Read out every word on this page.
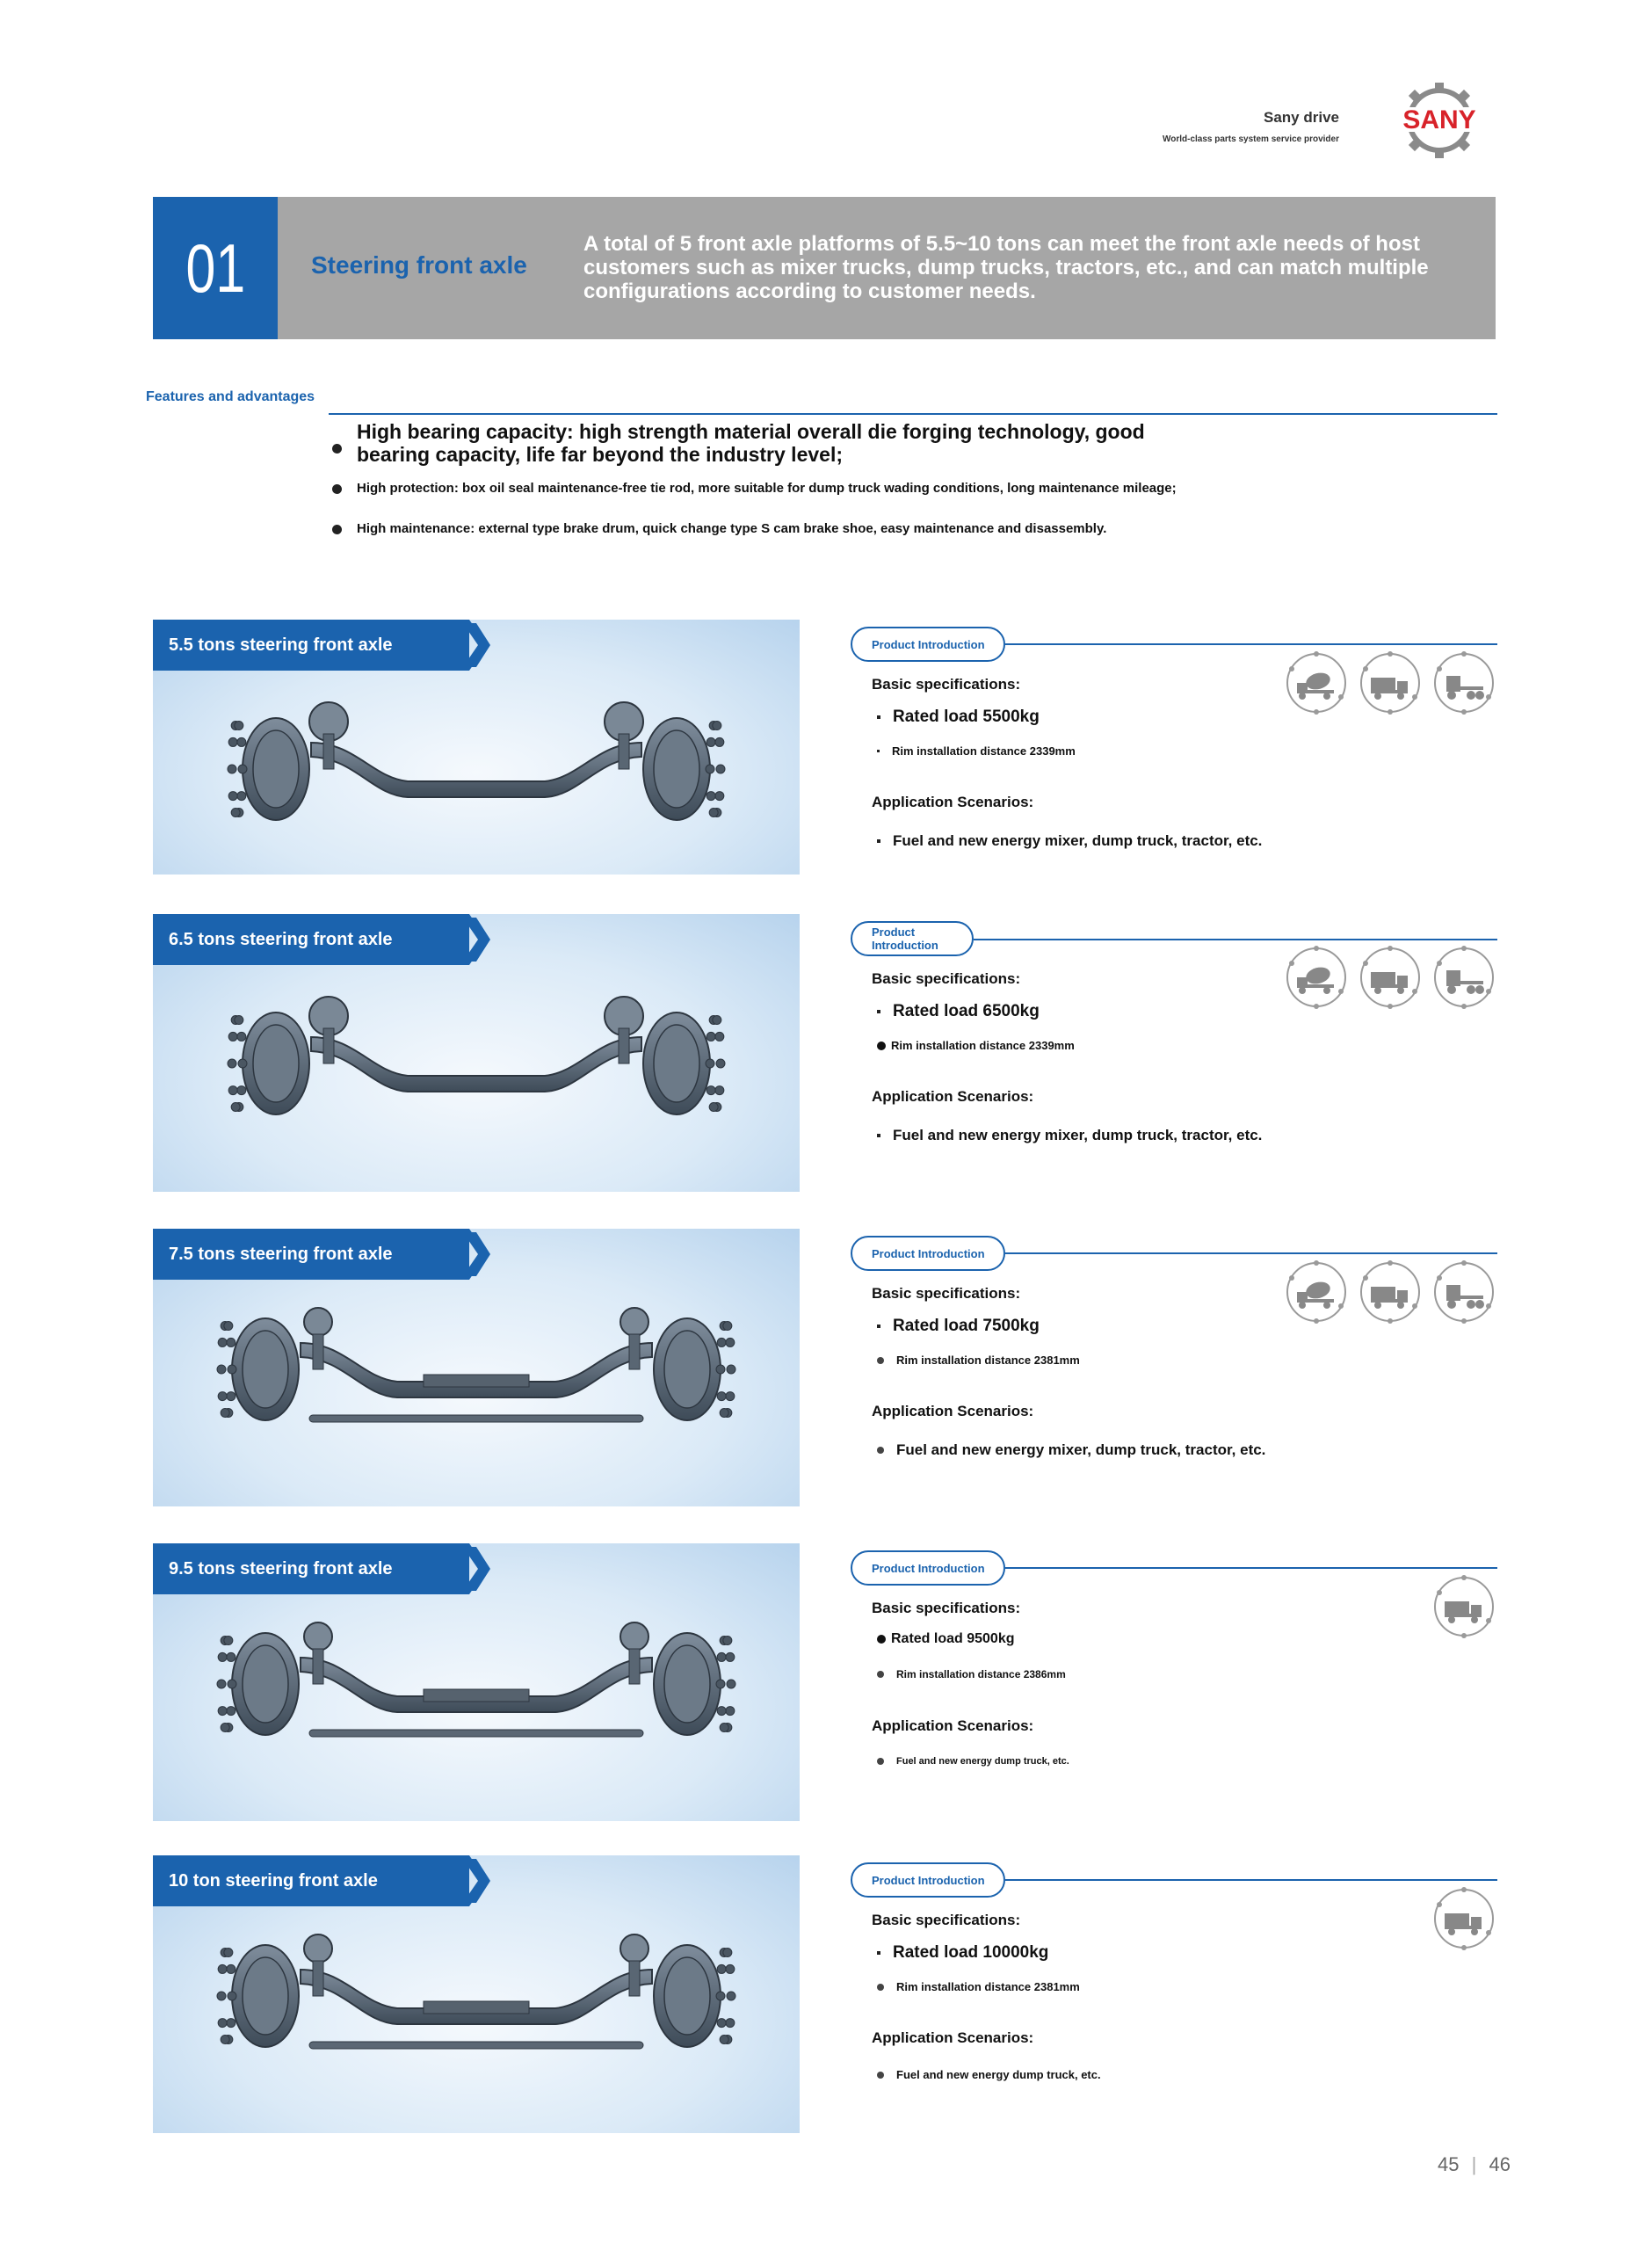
Sany drive
World-class parts system service provider
SANY
01	Steering front axle
A total of 5 front axle platforms of 5.5~10 tons can meet the front axle needs of host customers such as mixer trucks, dump trucks, tractors, etc., and can match multiple configurations according to customer needs.
Features and advantages
High bearing capacity: high strength material overall die forging technology, good bearing capacity, life far beyond the industry level;
High protection: box oil seal maintenance-free tie rod, more suitable for dump truck wading conditions, long maintenance mileage;
High maintenance: external type brake drum, quick change type S cam brake shoe, easy maintenance and disassembly.
5.5 tons steering front axle	Product Introduction
Basic specifications:
Rated load 5500kg
Rim installation distance 2339mm
Application Scenarios:
Fuel and new energy mixer, dump truck, tractor, etc.
6.5 tons steering front axle	Product Introduction
Basic specifications:
Rated load 6500kg
Rim installation distance 2339mm
Application Scenarios:
Fuel and new energy mixer, dump truck, tractor, etc.
7.5 tons steering front axle	Product Introduction
Basic specifications:
Rated load 7500kg
Rim installation distance 2381mm
Application Scenarios:
Fuel and new energy mixer, dump truck, tractor, etc.
9.5 tons steering front axle	Product Introduction
Basic specifications:
Rated load 9500kg
Rim installation distance 2386mm
Application Scenarios:
Fuel and new energy dump truck, etc.
10 ton steering front axle	Product Introduction
Basic specifications:
Rated load 10000kg
Rim installation distance 2381mm
Application Scenarios:
Fuel and new energy dump truck, etc.
45 | 46
